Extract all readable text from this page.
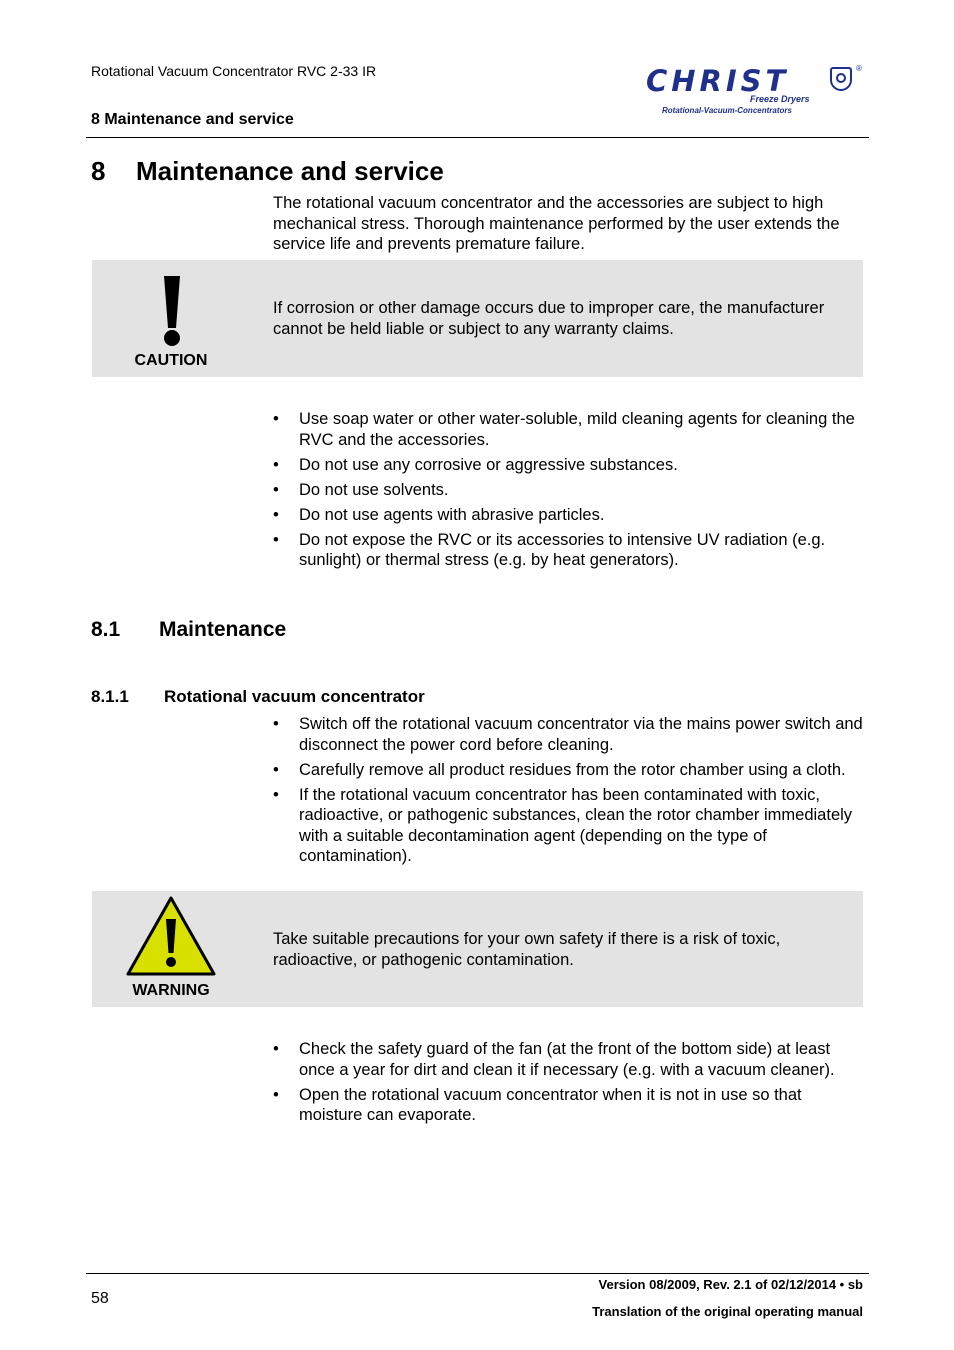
Rotational Vacuum Concentrator RVC 2-33 IR
8 Maintenance and service
CHRIST	®
Freeze Dryers
Rotational-Vacuum-Concentrators
8 Maintenance and service

The rotational vacuum concentrator and the accessories are subject to high mechanical stress. Thorough maintenance performed by the user extends the service life and prevents premature failure.

CAUTION
If corrosion or other damage occurs due to improper care, the manufacturer cannot be held liable or subject to any warranty claims.
• Use soap water or other water-soluble, mild cleaning agents for cleaning the RVC and the accessories.
• Do not use any corrosive or aggressive substances.
• Do not use solvents.
• Do not use agents with abrasive particles.
• Do not expose the RVC or its accessories to intensive UV radiation (e.g. sunlight) or thermal stress (e.g. by heat generators).
8.1 Maintenance
8.1.1 Rotational vacuum concentrator
• Switch off the rotational vacuum concentrator via the mains power switch and disconnect the power cord before cleaning.
• Carefully remove all product residues from the rotor chamber using a cloth.
• If the rotational vacuum concentrator has been contaminated with toxic, radioactive, or pathogenic substances, clean the rotor chamber immediately with a suitable decontamination agent (depending on the type of contamination).
WARNING
Take suitable precautions for your own safety if there is a risk of toxic, radioactive, or pathogenic contamination.
• Check the safety guard of the fan (at the front of the bottom side) at least once a year for dirt and clean it if necessary (e.g. with a vacuum cleaner).
• Open the rotational vacuum concentrator when it is not in use so that moisture can evaporate.
58
Version 08/2009, Rev. 2.1 of 02/12/2014 • sb
Translation of the original operating manual
